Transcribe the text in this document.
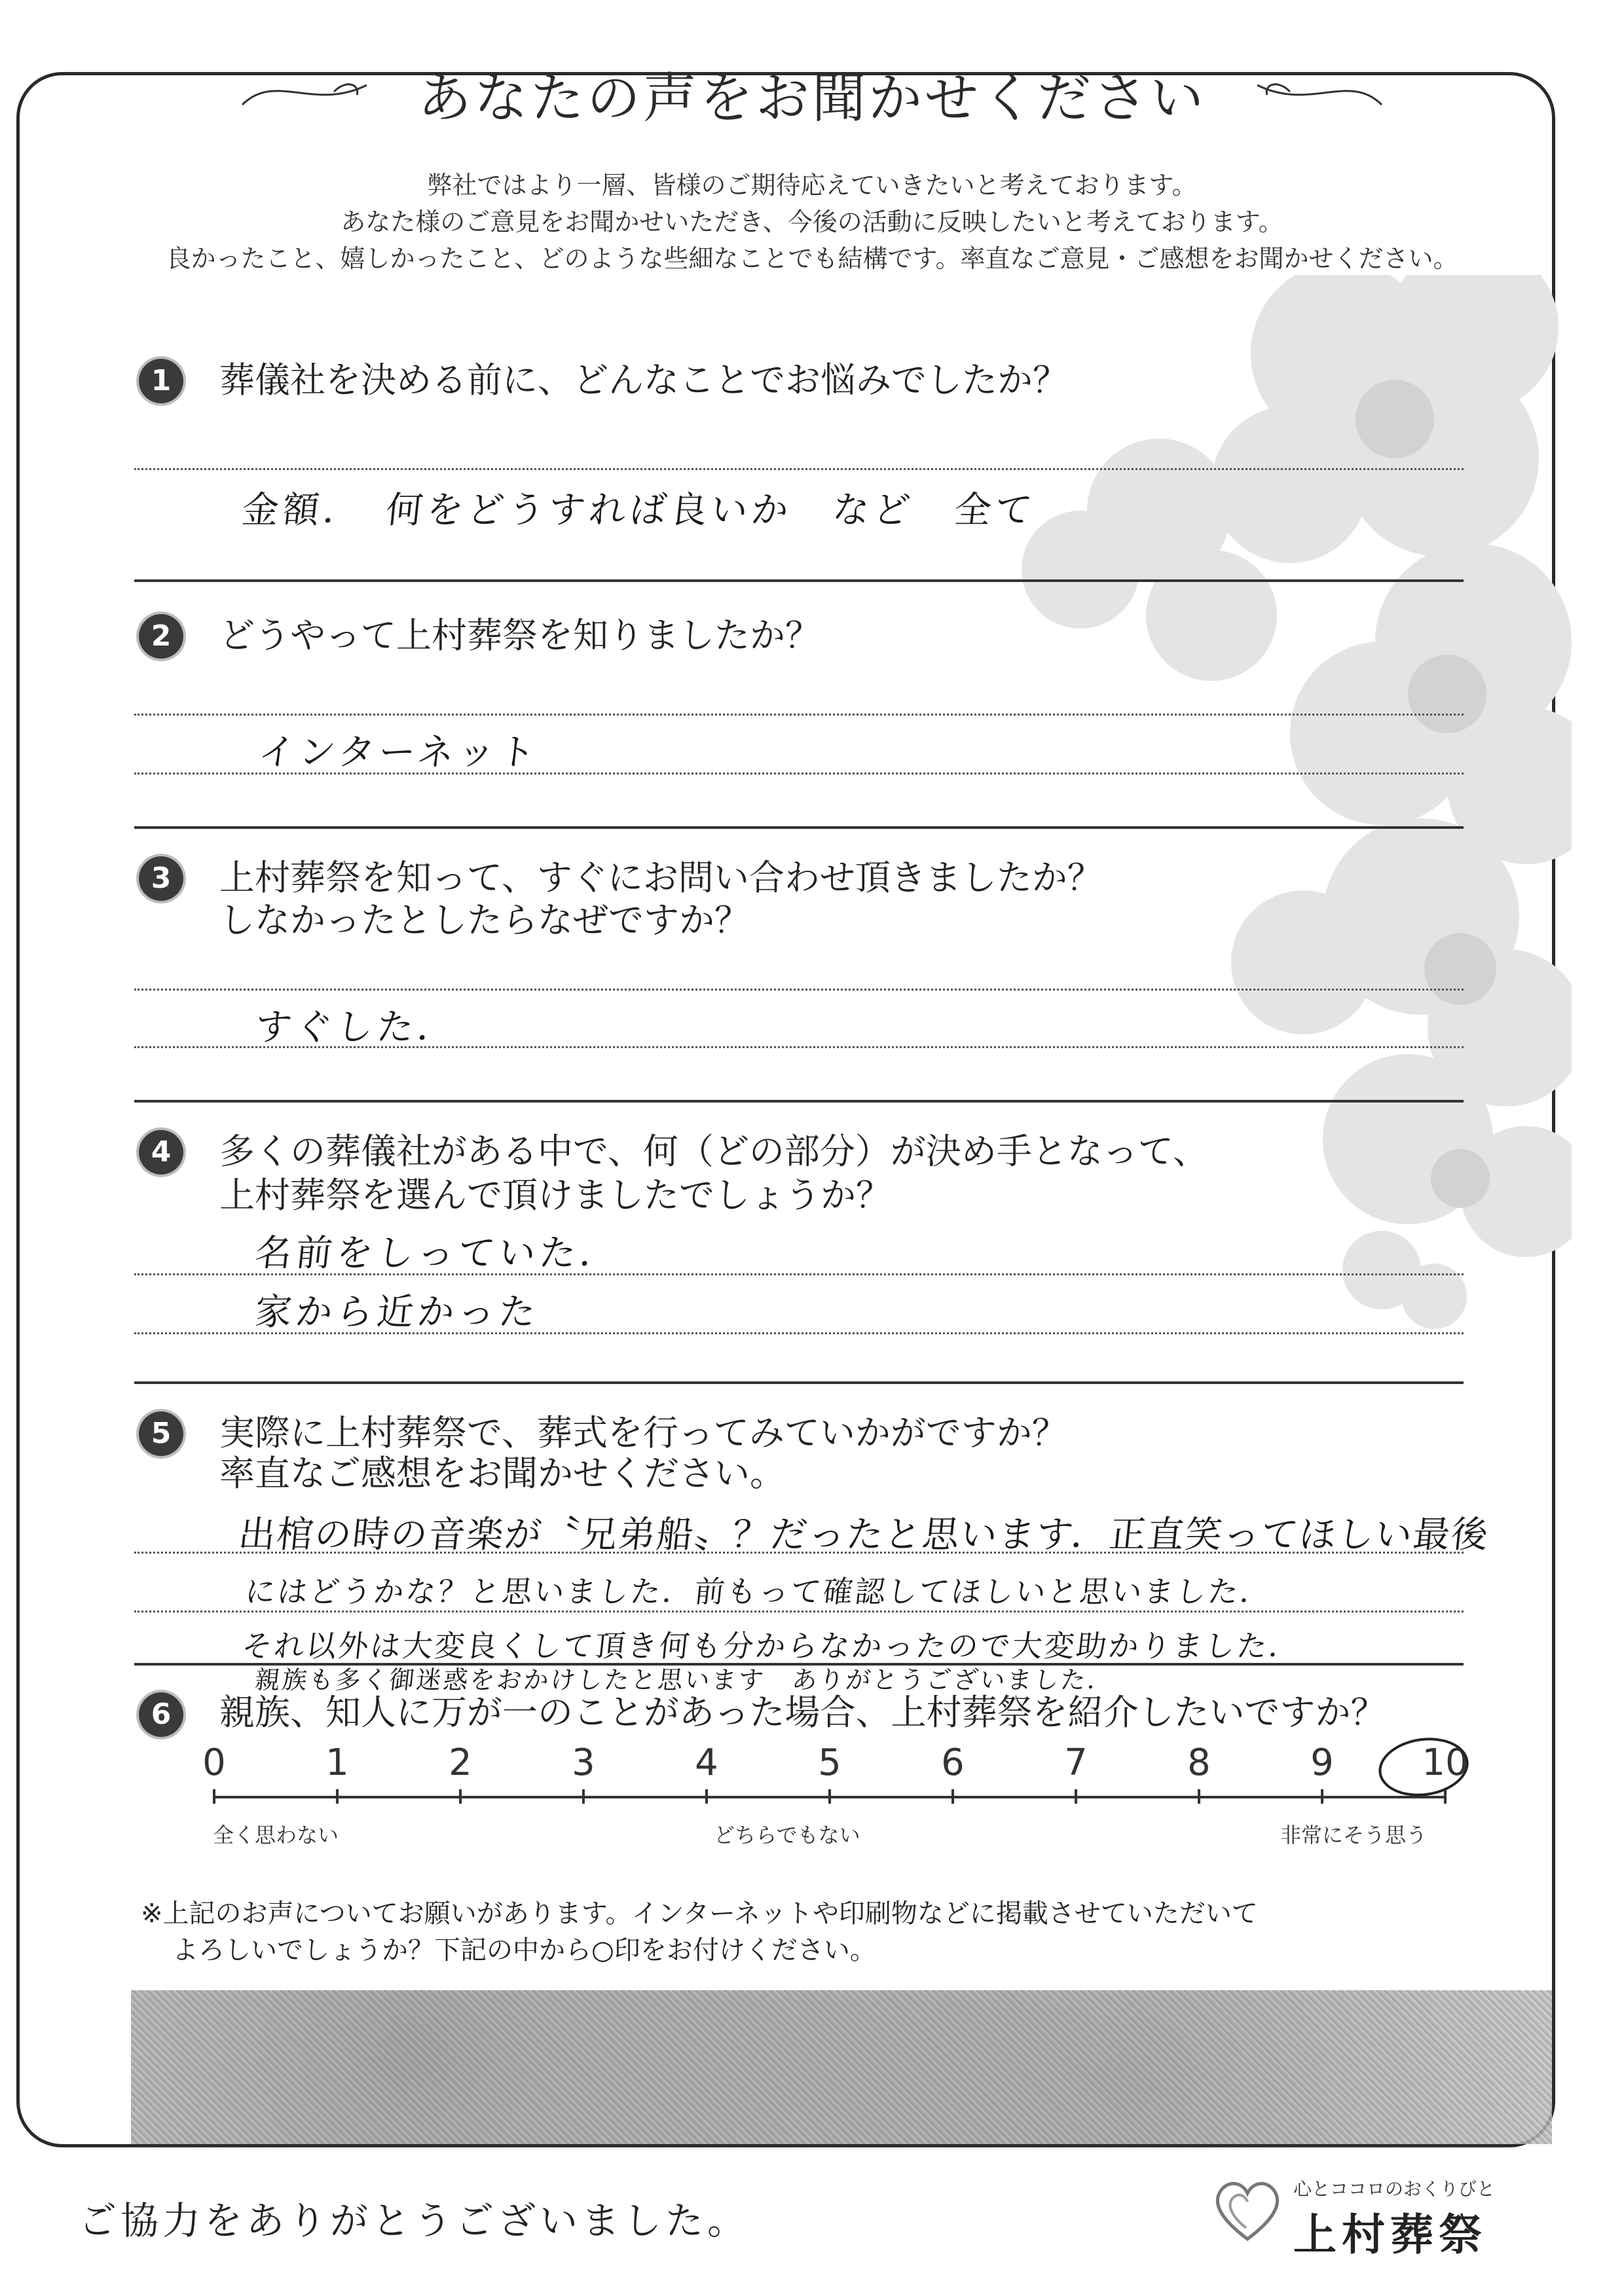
あなたの声をお聞かせください
弊社ではより一層、皆様のご期待応えていきたいと考えております。
あなた様のご意見をお聞かせいただき、今後の活動に反映したいと考えております。
良かったこと、嬉しかったこと、どのような些細なことでも結構です。率直なご意見・ご感想をお聞かせください。
1	葬儀社を決める前に、どんなことでお悩みでしたか？
金額．　何をどうすれば良いか　など　全て
2	どうやって上村葬祭を知りましたか？
インターネット
3	上村葬祭を知って、すぐにお問い合わせ頂きましたか？
しなかったとしたらなぜですか？
すぐした．
4	多くの葬儀社がある中で、何（どの部分）が決め手となって、
上村葬祭を選んで頂けましたでしょうか？
名前をしっていた．
家から近かった
5	実際に上村葬祭で、葬式を行ってみていかがですか？
率直なご感想をお聞かせください。
出棺の時の音楽が〝兄弟船〟？だったと思います．正直笑ってほしい最後
にはどうかな？と思いました．前もって確認してほしいと思いました．
それ以外は大変良くして頂き何も分からなかったので大変助かりました．
親族も多く御迷惑をおかけしたと思います　ありがとうございました．
6	親族、知人に万が一のことがあった場合、上村葬祭を紹介したいですか？
0	1	2	3	4	5	6	7	8	9	10
全く思わない	どちらでもない	非常にそう思う
※上記のお声についてお願いがあります。インターネットや印刷物などに掲載させていただいて
よろしいでしょうか？下記の中から○印をお付けください。
ご協力をありがとうございました。
心とココロのおくりびと
上村葬祭
